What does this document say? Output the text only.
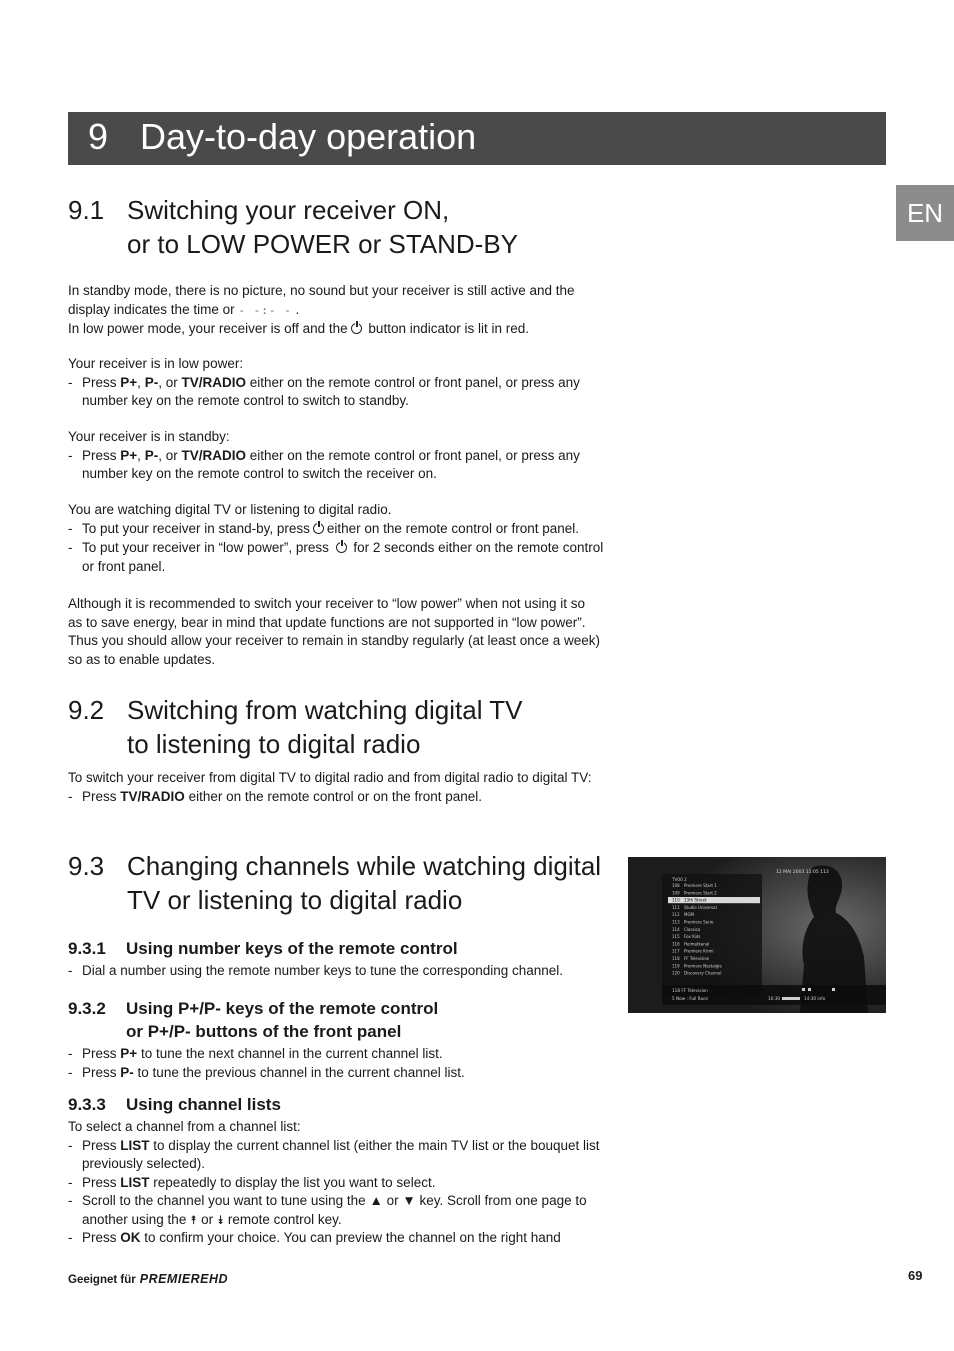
9 Day-to-day operation
EN
9.1 Switching your receiver ON,
or to LOW POWER or STAND-BY
In standby mode, there is no picture, no sound but your receiver is still active and the display indicates the time or - -:- - .
In low power mode, your receiver is off and the button indicator is lit in red.
Your receiver is in low power:
- Press P+, P-, or TV/RADIO either on the remote control or front panel, or press any number key on the remote control to switch to standby.
Your receiver is in standby:
- Press P+, P-, or TV/RADIO either on the remote control or front panel, or press any number key on the remote control to switch the receiver on.
You are watching digital TV or listening to digital radio.
- To put your receiver in stand-by, press either on the remote control or front panel.
- To put your receiver in “low power”, press for 2 seconds either on the remote control or front panel.
Although it is recommended to switch your receiver to “low power” when not using it so as to save energy, bear in mind that update functions are not supported in “low power”. Thus you should allow your receiver to remain in standby regularly (at least once a week) so as to enable updates.
9.2 Switching from watching digital TV
to listening to digital radio
To switch your receiver from digital TV to digital radio and from digital radio to digital TV:
- Press TV/RADIO either on the remote control or on the front panel.
9.3 Changing channels while watching digital
TV or listening to digital radio
9.3.1 Using number keys of the remote control
- Dial a number using the remote number keys to tune the corresponding channel.
9.3.2 Using P+/P- keys of the remote control
or P+/P- buttons of the front panel
- Press P+ to tune the next channel in the current channel list.
- Press P- to tune the previous channel in the current channel list.
9.3.3 Using channel lists
To select a channel from a channel list:
- Press LIST to display the current channel list (either the main TV list or the bouquet list previously selected).
- Press LIST repeatedly to display the list you want to select.
- Scroll to the channel you want to tune using the ▲ or ▼ key. Scroll from one page to another using the ⯭ or ⯯ remote control key.
- Press OK to confirm your choice. You can preview the channel on the right hand
12 MAI 2003 11:05 113
TV00 2
108 Premiere Start 1
109 Premiere Start 2
110 13th Street
111 Studio Universal
112 MGM
113 Premiere Serie
114 Classica
115 Fox Kids
116 Heimatkanal
117 Premiere Krimi
118 FF Television
119 Premiere Nostalgie
120 Discovery Channel
118 FF Television
5 Now : Full Race	10:30	14:30 info
Geeignet für PREMIEREHD	69
